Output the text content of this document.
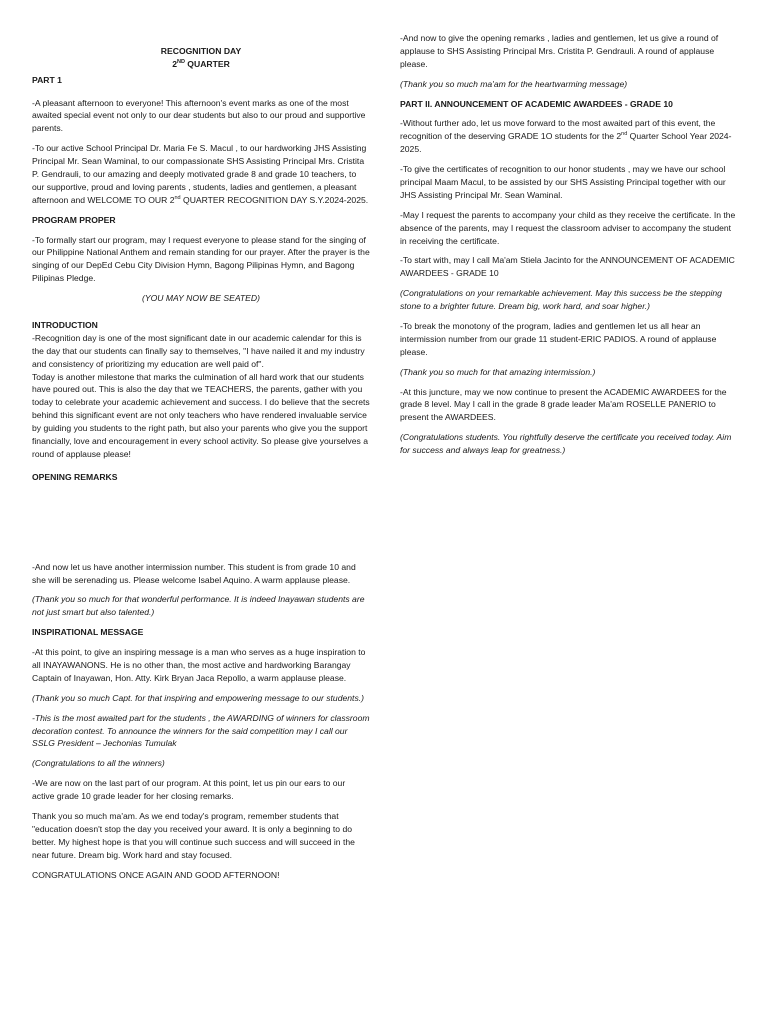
RECOGNITION DAY

2ND QUARTER

PART 1

-A pleasant afternoon to everyone! This afternoon's event marks as one of the most awaited special event not only to our dear students but also to our proud and supportive parents.

-To our active School Principal Dr. Maria Fe S. Macul , to our hardworking JHS Assisting Principal Mr. Sean Waminal, to our compassionate SHS Assisting Principal Mrs. Cristita P. Gendrauli, to our amazing and deeply motivated grade 8 and grade 10 teachers, to our supportive, proud and loving parents , students, ladies and gentlemen, a pleasant afternoon and WELCOME TO OUR 2nd QUARTER RECOGNITION DAY S.Y.2024-2025.

PROGRAM PROPER

-To formally start our program, may I request everyone to please stand for the singing of our Philippine National Anthem and remain standing for our prayer. After the prayer is the singing of our DepEd Cebu City Division Hymn, Bagong Pilipinas Hymn, and Bagong Pilipinas Pledge.

(YOU MAY NOW BE SEATED)

INTRODUCTION

-Recognition day is one of the most significant date in our academic calendar for this is the day that our students can finally say to themselves, "I have nailed it and my industry and consistency of prioritizing my education are well paid of".

Today is another milestone that marks the culmination of all hard work that our students have poured out. This is also the day that we TEACHERS, the parents, gather with you today to celebrate your academic achievement and success. I do believe that the secrets behind this significant event are not only teachers who have rendered invaluable service by guiding you students to the right path, but also your parents who give you the support financially, love and encouragement in every school activity. So please give yourselves a round of applause please!

OPENING REMARKS

-And now let us have another intermission number. This student is from grade 10 and she will be serenading us. Please welcome Isabel Aquino. A warm applause please.

(Thank you so much for that wonderful performance. It is indeed Inayawan students are not just smart but also talented.)

INSPIRATIONAL MESSAGE

-At this point, to give an inspiring message is a man who serves as a huge inspiration to all INAYAWANONS. He is no other than, the most active and hardworking Barangay Captain of Inayawan, Hon. Atty. Kirk Bryan Jaca Repollo, a warm applause please.

(Thank you so much Capt. for that inspiring and empowering message to our students.)

-This is the most awaited part for the students , the AWARDING of winners for classroom decoration contest. To announce the winners for the said competition may I call our SSLG President – Jechonias Tumulak

(Congratulations to all the winners)

-We are now on the last part of our program. At this point, let us pin our ears to our active grade 10 grade leader for her closing remarks.

Thank you so much ma'am. As we end today's program, remember students that "education doesn't stop the day you received your award. It is only a beginning to do better. My highest hope is that you will continue such success and will succeed in the near future. Dream big. Work hard and stay focused.

CONGRATULATIONS ONCE AGAIN AND GOOD AFTERNOON!

-And now to give the opening remarks , ladies and gentlemen, let us give a round of applause to SHS Assisting Principal Mrs. Cristita P. Gendrauli. A round of applause please.

(Thank you so much ma'am for the heartwarming message)

PART II. ANNOUNCEMENT OF ACADEMIC AWARDEES - GRADE 10

-Without further ado, let us move forward to the most awaited part of this event, the recognition of the deserving GRADE 1O students for the 2nd Quarter School Year 2024-2025.

-To give the certificates of recognition to our honor students , may we have our school principal Maam Macul, to be assisted by our SHS Assisting Principal together with our JHS Assisting Principal Mr. Sean Waminal.

-May I request the parents to accompany your child as they receive the certificate. In the absence of the parents, may I request the classroom adviser to accompany the student in receiving the certificate.

-To start with, may I call Ma'am Stiela Jacinto for the ANNOUNCEMENT OF ACADEMIC AWARDEES - GRADE 10

(Congratulations on your remarkable achievement. May this success be the stepping stone to a brighter future. Dream big, work hard, and soar higher.)

-To break the monotony of the program, ladies and gentlemen let us all hear an intermission number from our grade 11 student-ERIC PADIOS. A round of applause please.

(Thank you so much for that amazing intermission.)

-At this juncture, may we now continue to present the ACADEMIC AWARDEES for the grade 8 level. May I call in the grade 8 grade leader Ma'am ROSELLE PANERIO to present the AWARDEES.

(Congratulations students. You rightfully deserve the certificate you received today. Aim for success and always leap for greatness.)
